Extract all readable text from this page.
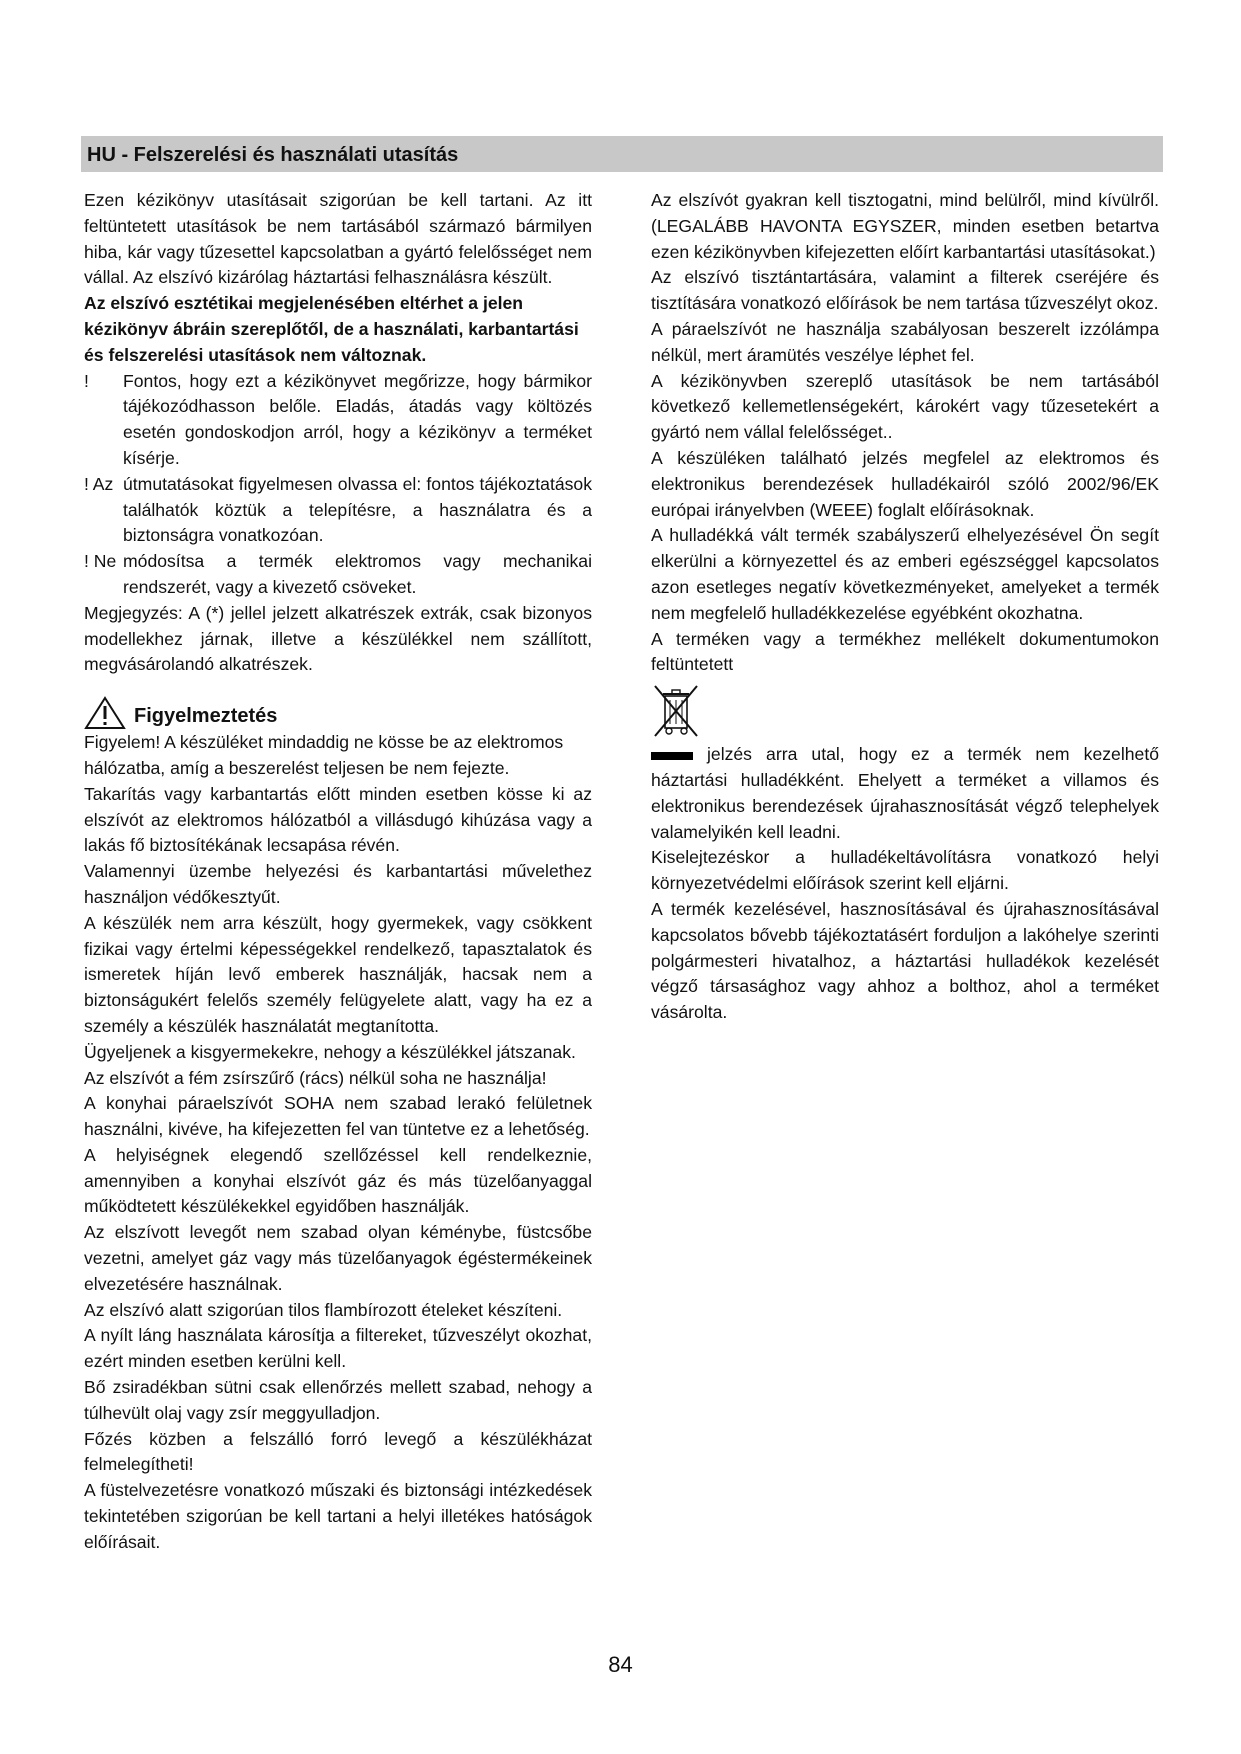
HU - Felszerelési és használati utasítás

Ezen kézikönyv utasításait szigorúan be kell tartani. Az itt feltüntetett utasítások be nem tartásából származó bármilyen hiba, kár vagy tűzesettel kapcsolatban a gyártó felelősséget nem vállal. Az elszívó kizárólag háztartási felhasználásra készült.

Az elszívó esztétikai megjelenésében eltérhet a jelen kézikönyv ábráin szereplőtől, de a használati, karbantartási és felszerelési utasítások nem változnak.

!	Fontos, hogy ezt a kézikönyvet megőrizze, hogy bármikor tájékozódhasson belőle. Eladás, átadás vagy költözés esetén gondoskodjon arról, hogy a kézikönyv a terméket kísérje.
! Az útmutatásokat figyelmesen olvassa el: fontos tájékoztatások találhatók köztük a telepítésre, a használatra és a biztonságra vonatkozóan.
! Ne módosítsa a termék elektromos vagy mechanikai rendszerét, vagy a kivezető csöveket.

Megjegyzés: A (*) jellel jelzett alkatrészek extrák, csak bizonyos modellekhez járnak, illetve a készülékkel nem szállított, megvásárolandó alkatrészek.

Figyelmeztetés

Figyelem! A készüléket mindaddig ne kösse be az elektromos hálózatba, amíg a beszerelést teljesen be nem fejezte.

Takarítás vagy karbantartás előtt minden esetben kösse ki az elszívót az elektromos hálózatból a villásdugó kihúzása vagy a lakás fő biztosítékának lecsapása révén.

Valamennyi üzembe helyezési és karbantartási művelethez használjon védőkesztyűt.

A készülék nem arra készült, hogy gyermekek, vagy csökkent fizikai vagy értelmi képességekkel rendelkező, tapasztalatok és ismeretek híján levő emberek használják, hacsak nem a biztonságukért felelős személy felügyelete alatt, vagy ha ez a személy a készülék használatát megtanította.

Ügyeljenek a kisgyermekekre, nehogy a készülékkel játszanak.

Az elszívót a fém zsírszűrő (rács) nélkül soha ne használja!

A konyhai páraelszívót SOHA nem szabad lerakó felületnek használni, kivéve, ha kifejezetten fel van tüntetve ez a lehetőség.

A helyiségnek elegendő szellőzéssel kell rendelkeznie, amennyiben a konyhai elszívót gáz és más tüzelőanyaggal működtetett készülékekkel egyidőben használják.

Az elszívott levegőt nem szabad olyan kéménybe, füstcsőbe vezetni, amelyet gáz vagy más tüzelőanyagok égéstermékeinek elvezetésére használnak.

Az elszívó alatt szigorúan tilos flambírozott ételeket készíteni.

A nyílt láng használata károsítja a filtereket, tűzveszélyt okozhat, ezért minden esetben kerülni kell.

Bő zsiradékban sütni csak ellenőrzés mellett szabad, nehogy a túlhevült olaj vagy zsír meggyulladjon.

Főzés közben a felszálló forró levegő a készülékházat felmelegítheti!

A füstelvezetésre vonatkozó műszaki és biztonsági intézkedések tekintetében szigorúan be kell tartani a helyi illetékes hatóságok előírásait.

Az elszívót gyakran kell tisztogatni, mind belülről, mind kívülről. (LEGALÁBB HAVONTA EGYSZER, minden esetben betartva ezen kézikönyvben kifejezetten előírt karbantartási utasításokat.)

Az elszívó tisztántartására, valamint a filterek cseréjére és tisztítására vonatkozó előírások be nem tartása tűzveszélyt okoz.

A páraelszívót ne használja szabályosan beszerelt izzólámpa nélkül, mert áramütés veszélye léphet fel.

A kézikönyvben szereplő utasítások be nem tartásából következő kellemetlenségekért, károkért vagy tűzesetekért a gyártó nem vállal felelősséget..

A készüléken található jelzés megfelel az elektromos és elektronikus berendezések hulladékairól szóló 2002/96/EK európai irányelvben (WEEE) foglalt előírásoknak.

A hulladékká vált termék szabályszerű elhelyezésével Ön segít elkerülni a környezettel és az emberi egészséggel kapcsolatos azon esetleges negatív következményeket, amelyeket a termék nem megfelelő hulladékkezelése egyébként okozhatna.

A terméken vagy a termékhez mellékelt dokumentumokon feltüntetett

jelzés arra utal, hogy ez a termék nem kezelhető háztartási hulladékként. Ehelyett a terméket a villamos és elektronikus berendezések újrahasznosítását végző telephelyek valamelyikén kell leadni.

Kiselejtezéskor a hulladékeltávolításra vonatkozó helyi környezetvédelmi előírások szerint kell eljárni.

A termék kezelésével, hasznosításával és újrahasznosításával kapcsolatos bővebb tájékoztatásért forduljon a lakóhelye szerinti polgármesteri hivatalhoz, a háztartási hulladékok kezelését végző társasághoz vagy ahhoz a bolthoz, ahol a terméket vásárolta.

84
